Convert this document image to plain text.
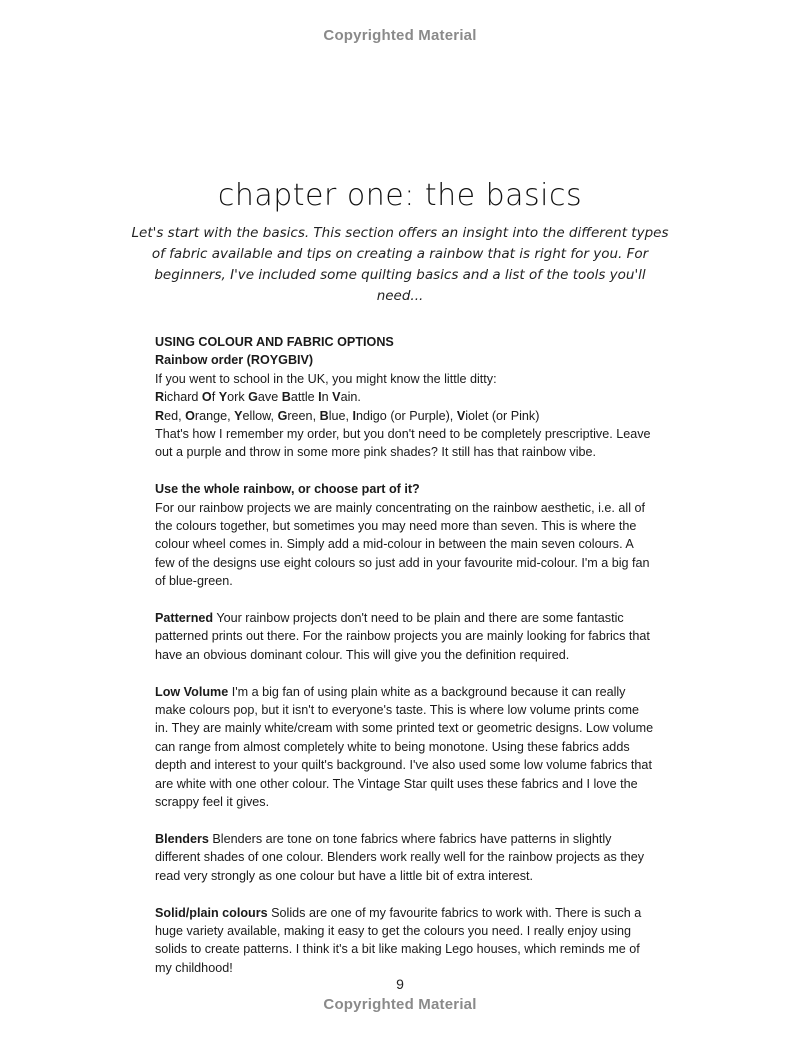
Copyrighted Material
chapter one: the basics

Let's start with the basics. This section offers an insight into the different types of fabric available and tips on creating a rainbow that is right for you. For beginners, I've included some quilting basics and a list of the tools you'll need...

USING COLOUR AND FABRIC OPTIONS

Rainbow order (ROYGBIV)

If you went to school in the UK, you might know the little ditty:

Richard Of York Gave Battle In Vain.

Red, Orange, Yellow, Green, Blue, Indigo (or Purple), Violet (or Pink)

That's how I remember my order, but you don't need to be completely prescriptive. Leave out a purple and throw in some more pink shades? It still has that rainbow vibe.

Use the whole rainbow, or choose part of it?

For our rainbow projects we are mainly concentrating on the rainbow aesthetic, i.e. all of the colours together, but sometimes you may need more than seven. This is where the colour wheel comes in. Simply add a mid-colour in between the main seven colours. A few of the designs use eight colours so just add in your favourite mid-colour. I'm a big fan of blue-green.

Patterned Your rainbow projects don't need to be plain and there are some fantastic patterned prints out there. For the rainbow projects you are mainly looking for fabrics that have an obvious dominant colour. This will give you the definition required.

Low Volume I'm a big fan of using plain white as a background because it can really make colours pop, but it isn't to everyone's taste. This is where low volume prints come in. They are mainly white/cream with some printed text or geometric designs. Low volume can range from almost completely white to being monotone. Using these fabrics adds depth and interest to your quilt's background. I've also used some low volume fabrics that are white with one other colour. The Vintage Star quilt uses these fabrics and I love the scrappy feel it gives.

Blenders Blenders are tone on tone fabrics where fabrics have patterns in slightly different shades of one colour. Blenders work really well for the rainbow projects as they read very strongly as one colour but have a little bit of extra interest.

Solid/plain colours Solids are one of my favourite fabrics to work with. There is such a huge variety available, making it easy to get the colours you need. I really enjoy using solids to create patterns. I think it's a bit like making Lego houses, which reminds me of my childhood!

9
Copyrighted Material
